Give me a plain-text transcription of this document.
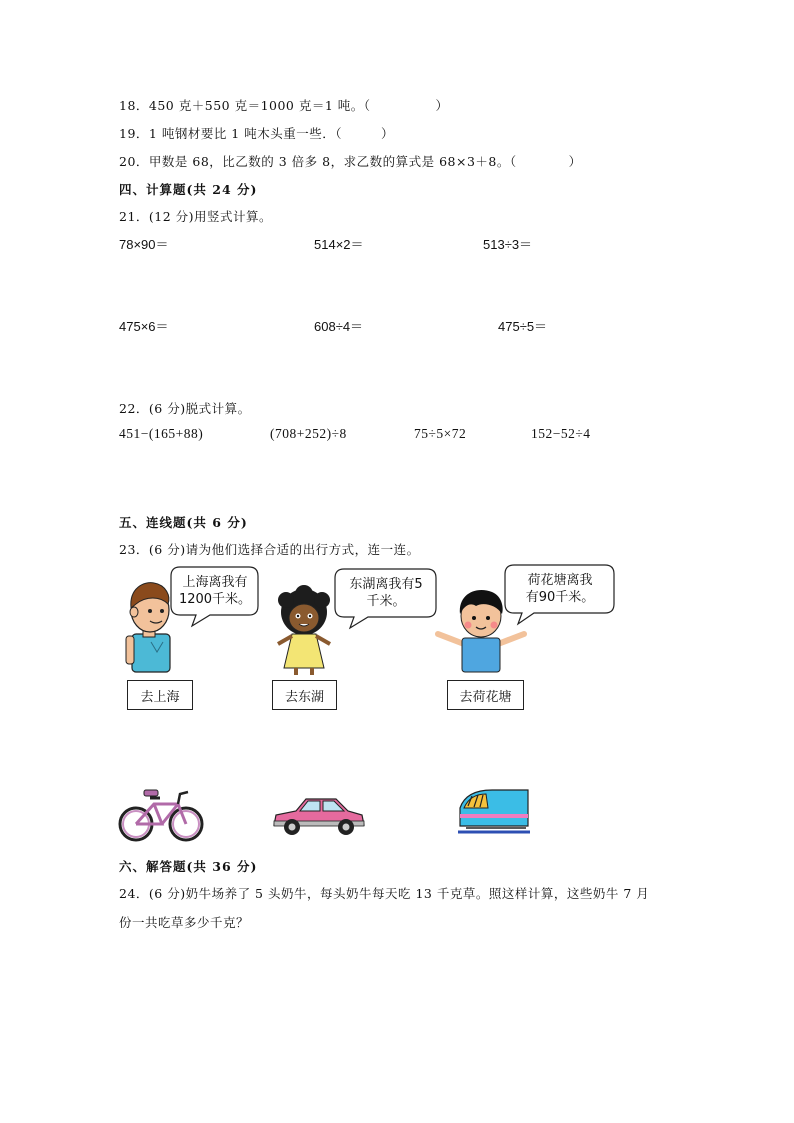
18．450 克＋550 克＝1000 克＝1 吨。（　　　　　）
19．1 吨钢材要比 1 吨木头重一些．（　　　）
20．甲数是 68，比乙数的 3 倍多 8，求乙数的算式是 68×3＋8。（　　　　）
四、计算题(共 24 分)
21．(12 分)用竖式计算。
78×90＝	514×2＝	513÷3＝
475×6＝	608÷4＝	475÷5＝
22．(6 分)脱式计算。
451−(165+88)	(708+252)÷8	75÷5×72	152−52÷4
五、连线题(共 6 分)
23．(6 分)请为他们选择合适的出行方式，连一连。
上海离我有
1200千米。
东湖离我有5
千米。
荷花塘离我
有90千米。
去上海	去东湖	去荷花塘
六、解答题(共 36 分)
24．(6 分)奶牛场养了 5 头奶牛，每头奶牛每天吃 13 千克草。照这样计算，这些奶牛 7 月
份一共吃草多少千克？
